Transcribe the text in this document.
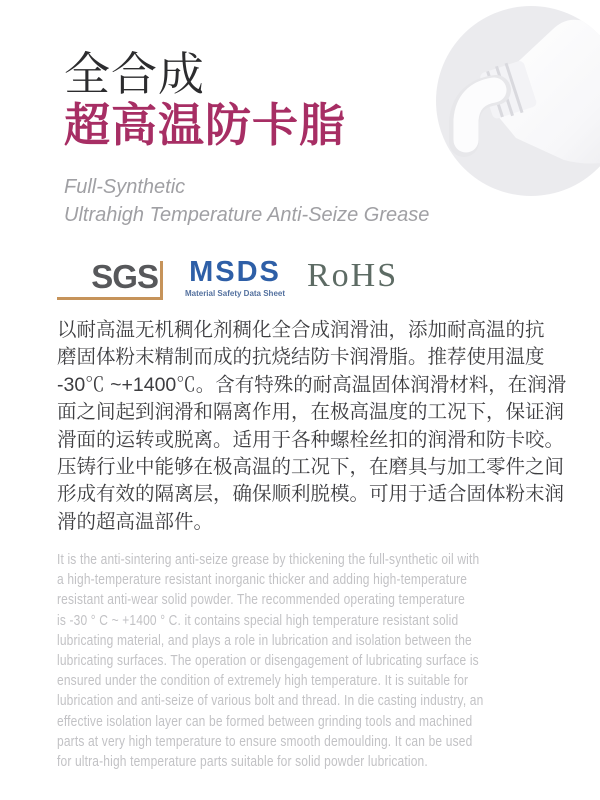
全合成
超高温防卡脂

Full-Synthetic
Ultrahigh Temperature Anti-Seize Grease

SGS MSDS
Material Safety Data Sheet RoHS
以耐高温无机稠化剂稠化全合成润滑油，添加耐高温的抗
磨固体粉末精制而成的抗烧结防卡润滑脂。推荐使用温度
-30℃ ~+1400℃。含有特殊的耐高温固体润滑材料，在润滑
面之间起到润滑和隔离作用，在极高温度的工况下，保证润
滑面的运转或脱离。适用于各种螺栓丝扣的润滑和防卡咬。
压铸行业中能够在极高温的工况下，在磨具与加工零件之间
形成有效的隔离层，确保顺利脱模。可用于适合固体粉末润
滑的超高温部件。
It is the anti-sintering anti-seize grease by thickening the full-synthetic oil with
a high-temperature resistant inorganic thicker and adding high-temperature
resistant anti-wear solid powder. The recommended operating temperature
is -30 ° C ~ +1400 ° C. it contains special high temperature resistant solid
lubricating material, and plays a role in lubrication and isolation between the
lubricating surfaces. The operation or disengagement of lubricating surface is
ensured under the condition of extremely high temperature. It is suitable for
lubrication and anti-seize of various bolt and thread. In die casting industry, an
effective isolation layer can be formed between grinding tools and machined
parts at very high temperature to ensure smooth demoulding. It can be used
for ultra-high temperature parts suitable for solid powder lubrication.
